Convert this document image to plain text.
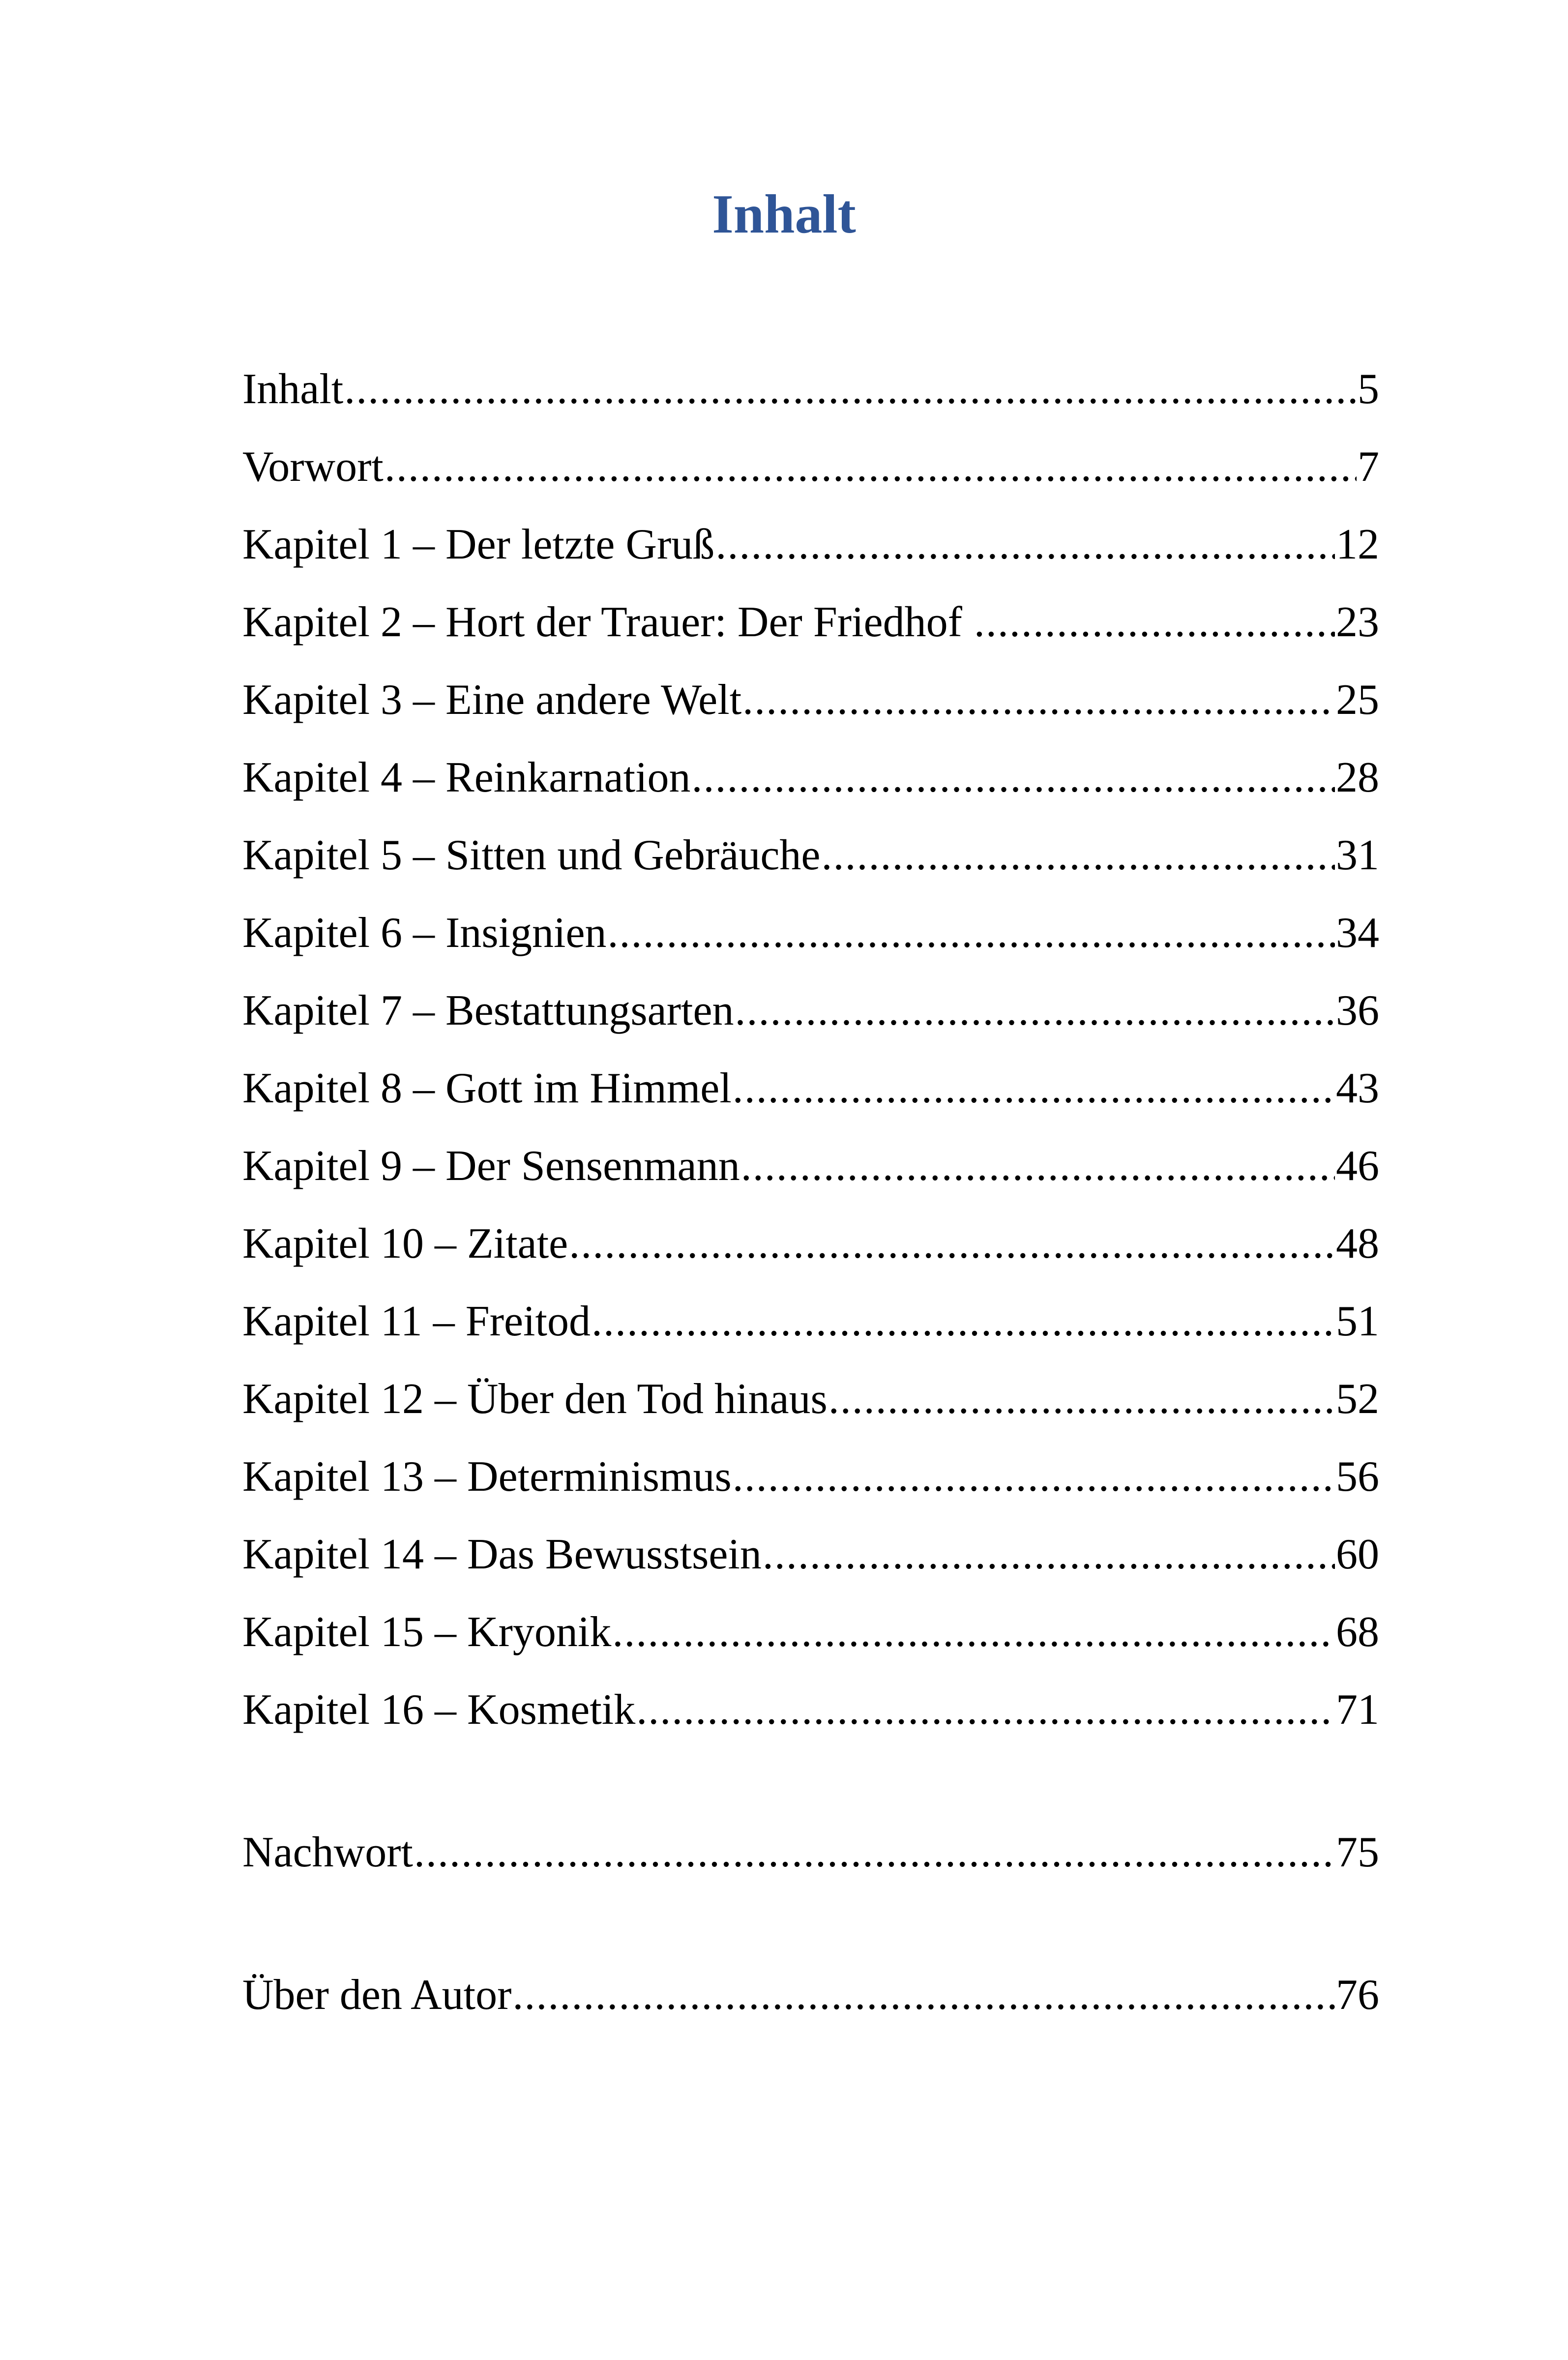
Inhalt
Inhalt .....	5
Vorwort .....	7
Kapitel 1 – Der letzte Gruß .....	12
Kapitel 2 – Hort der Trauer: Der Friedhof .....	23
Kapitel 3 – Eine andere Welt .....	25
Kapitel 4 – Reinkarnation .....	28
Kapitel 5 – Sitten und Gebräuche .....	31
Kapitel 6 – Insignien .....	34
Kapitel 7 – Bestattungsarten .....	36
Kapitel 8 – Gott im Himmel .....	43
Kapitel 9 – Der Sensenmann .....	46
Kapitel 10 – Zitate .....	48
Kapitel 11 – Freitod .....	51
Kapitel 12 – Über den Tod hinaus .....	52
Kapitel 13 – Determinismus .....	56
Kapitel 14 – Das Bewusstsein .....	60
Kapitel 15 – Kryonik .....	68
Kapitel 16 – Kosmetik .....	71
Nachwort .....	75
Über den Autor .....	76
